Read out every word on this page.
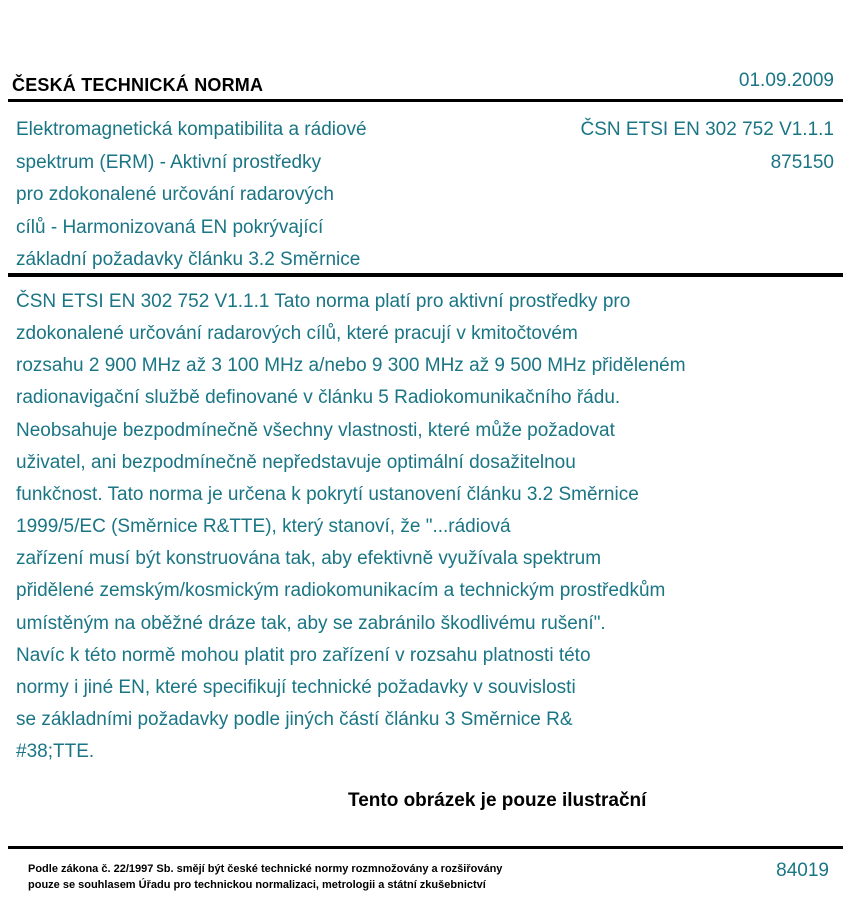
ČESKÁ TECHNICKÁ NORMA	01.09.2009
Elektromagnetická kompatibilita a rádiové
spektrum (ERM) - Aktivní prostředky
pro zdokonalené určování radarových
cílů - Harmonizovaná EN pokrývající
základní požadavky článku 3.2 Směrnice
ČSN ETSI EN 302 752 V1.1.1
875150
ČSN ETSI EN 302 752 V1.1.1 Tato norma platí pro aktivní prostředky pro
zdokonalené určování radarových cílů, které pracují v kmitočtovém
rozsahu 2 900 MHz až 3 100 MHz a/nebo 9 300 MHz až 9 500 MHz přiděleném
radionavigační službě definované v článku 5 Radiokomunikačního řádu.
Neobsahuje bezpodmínečně všechny vlastnosti, které může požadovat
uživatel, ani bezpodmínečně nepředstavuje optimální dosažitelnou
funkčnost. Tato norma je určena k pokrytí ustanovení článku 3.2 Směrnice
1999/5/EC (Směrnice R&TTE), který stanoví, že "...rádiová
zařízení musí být konstruována tak, aby efektivně využívala spektrum
přidělené zemským/kosmickým radiokomunikacím a technickým prostředkům
umístěným na oběžné dráze tak, aby se zabránilo škodlivému rušení".
Navíc k této normě mohou platit pro zařízení v rozsahu platnosti této
normy i jiné EN, které specifikují technické požadavky v souvislosti
se základními požadavky podle jiných částí článku 3 Směrnice R&
#38;TTE.
Tento obrázek je pouze ilustrační
Podle zákona č. 22/1997 Sb. smějí být české technické normy rozmnožovány a rozšiřovány
pouze se souhlasem Úřadu pro technickou normalizaci, metrologii a státní zkušebnictví
84019
